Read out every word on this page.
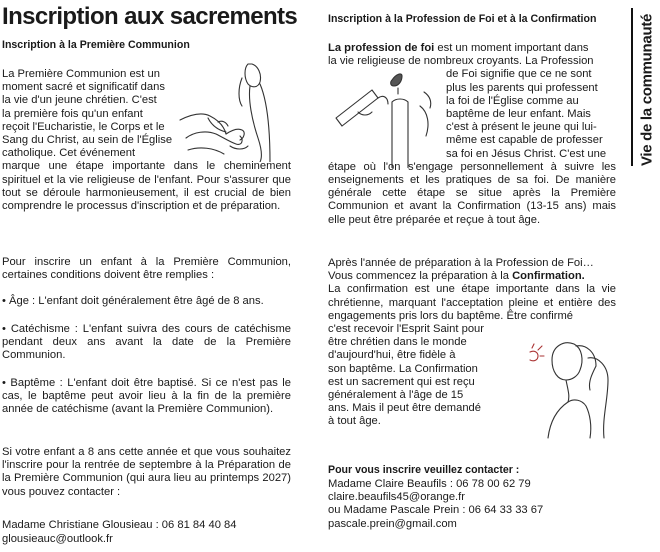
Inscription aux sacrements
Inscription à la Première Communion
La Première Communion est un
moment sacré et significatif dans
la vie d'un jeune chrétien. C'est
la première fois qu'un enfant
reçoit l'Eucharistie, le Corps et le
Sang du Christ, au sein de l'Église
catholique. Cet événement

marque une étape importante dans le cheminement spirituel et la vie religieuse de l'enfant. Pour s'assurer que tout se déroule harmonieusement, il est crucial de bien comprendre le processus d'inscription et de préparation.

Pour inscrire un enfant à la Première Communion, certaines conditions doivent être remplies :

• Âge : L'enfant doit généralement être âgé de 8 ans.

• Catéchisme : L'enfant suivra des cours de catéchisme pendant deux ans avant la date de la Première Communion.

• Baptême : L'enfant doit être baptisé. Si ce n'est pas le cas, le baptême peut avoir lieu à la fin de la première année de catéchisme (avant la Première Communion).

Si votre enfant a 8 ans cette année et que vous souhaitez l'inscrire pour la rentrée de septembre à la Préparation de la Première Communion (qui aura lieu au printemps 2027) vous pouvez contacter :

Madame Christiane Glousieau : 06 81 84 40 84

glousieauc@outlook.fr
Inscription à la Profession de Foi et à la Confirmation
La profession de foi est un moment important dans
la vie religieuse de nombreux croyants. La Profession
de Foi signifie que ce ne sont
plus les parents qui professent
la foi de l'Église comme au
baptême de leur enfant. Mais
c'est à présent le jeune qui lui-
même est capable de professer
sa foi en Jésus Christ. C'est une

étape où l'on s'engage personnellement à suivre les enseignements et les pratiques de sa foi. De manière générale cette étape se situe après la Première Communion et avant la Confirmation (13-15 ans) mais elle peut être préparée et reçue à tout âge.

Après l'année de préparation à la Profession de Foi…
Vous commencez la préparation à la Confirmation.

La confirmation est une étape importante dans la vie chrétienne, marquant l'acceptation pleine et entière des engagements pris lors du baptême. Être confirmé

c'est recevoir l'Esprit Saint pour
être chrétien dans le monde
d'aujourd'hui, être fidèle à
son baptême. La Confirmation
est un sacrement qui est reçu
généralement à l'âge de 15
ans. Mais il peut être demandé
à tout âge.
Pour vous inscrire veuillez contacter :
Madame Claire Beaufils : 06 78 00 62 79
claire.beaufils45@orange.fr
ou Madame Pascale Prein : 06 64 33 33 67
pascale.prein@gmail.com
Vie de la communauté
